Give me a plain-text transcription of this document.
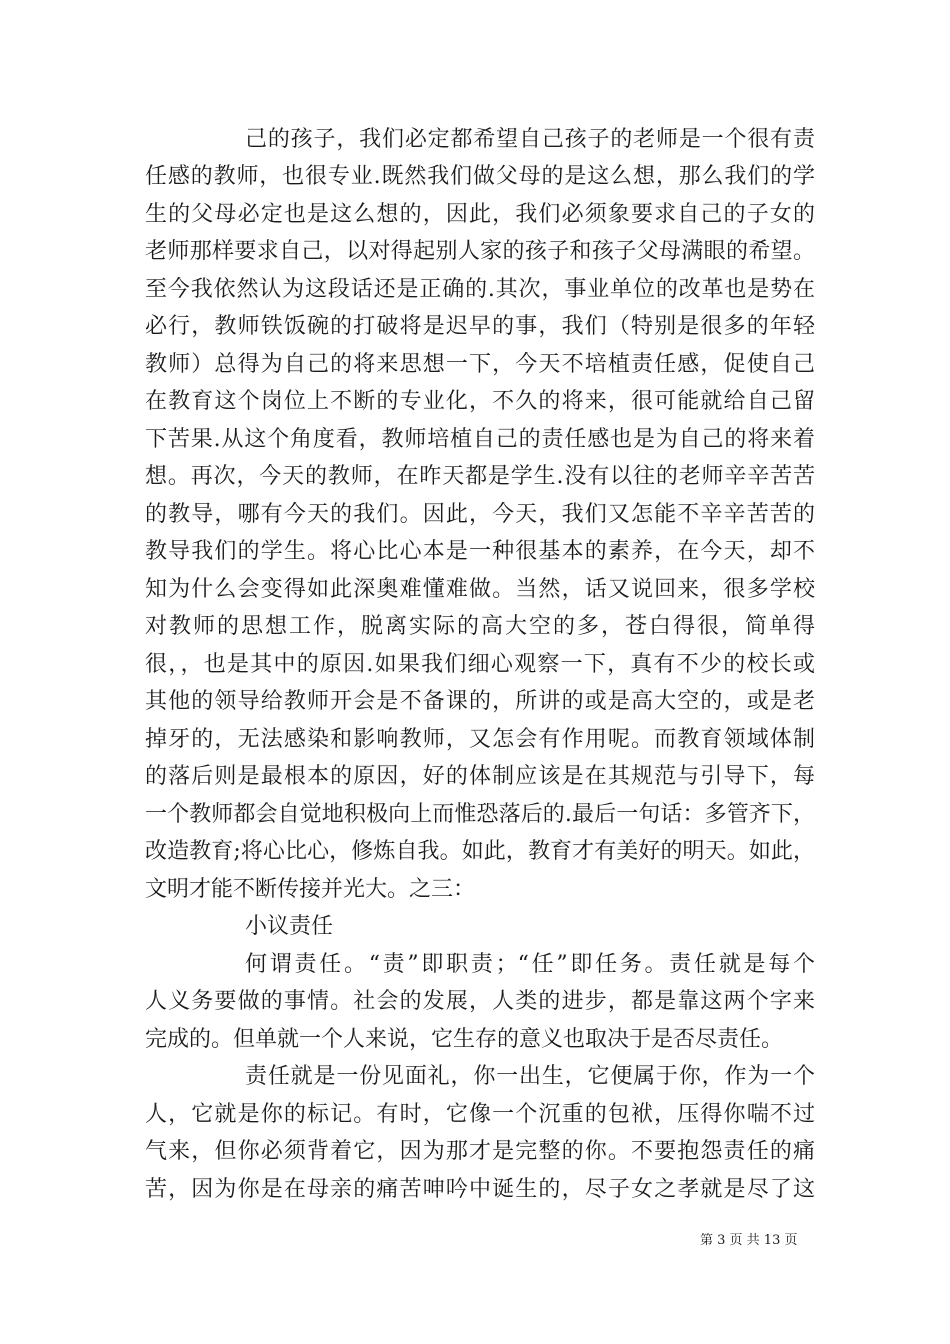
己的孩子，我们必定都希望自己孩子的老师是一个很有责
任感的教师，也很专业.既然我们做父母的是这么想，那么我们的学
生的父母必定也是这么想的，因此，我们必须象要求自己的子女的
老师那样要求自己，以对得起别人家的孩子和孩子父母满眼的希望。
至今我依然认为这段话还是正确的.其次，事业单位的改革也是势在
必行，教师铁饭碗的打破将是迟早的事，我们（特别是很多的年轻
教师）总得为自己的将来思想一下，今天不培植责任感，促使自己
在教育这个岗位上不断的专业化，不久的将来，很可能就给自己留
下苦果.从这个角度看，教师培植自己的责任感也是为自己的将来着
想。再次，今天的教师，在昨天都是学生.没有以往的老师辛辛苦苦
的教导，哪有今天的我们。因此，今天，我们又怎能不辛辛苦苦的
教导我们的学生。将心比心本是一种很基本的素养，在今天，却不
知为什么会变得如此深奥难懂难做。当然，话又说回来，很多学校
对教师的思想工作，脱离实际的高大空的多，苍白得很，简单得
很，，也是其中的原因.如果我们细心观察一下，真有不少的校长或
其他的领导给教师开会是不备课的，所讲的或是高大空的，或是老
掉牙的，无法感染和影响教师，又怎会有作用呢。而教育领域体制
的落后则是最根本的原因，好的体制应该是在其规范与引导下，每
一个教师都会自觉地积极向上而惟恐落后的.最后一句话：多管齐下，
改造教育;将心比心，修炼自我。如此，教育才有美好的明天。如此，
文明才能不断传接并光大。之三：
小议责任
何谓责任。“责”即职责；“任”即任务。责任就是每个
人义务要做的事情。社会的发展，人类的进步，都是靠这两个字来
完成的。但单就一个人来说，它生存的意义也取决于是否尽责任。
责任就是一份见面礼，你一出生，它便属于你，作为一个
人，它就是你的标记。有时，它像一个沉重的包袱，压得你喘不过
气来，但你必须背着它，因为那才是完整的你。不要抱怨责任的痛
苦，因为你是在母亲的痛苦呻吟中诞生的，尽子女之孝就是尽了这
第 3 页 共 13 页
